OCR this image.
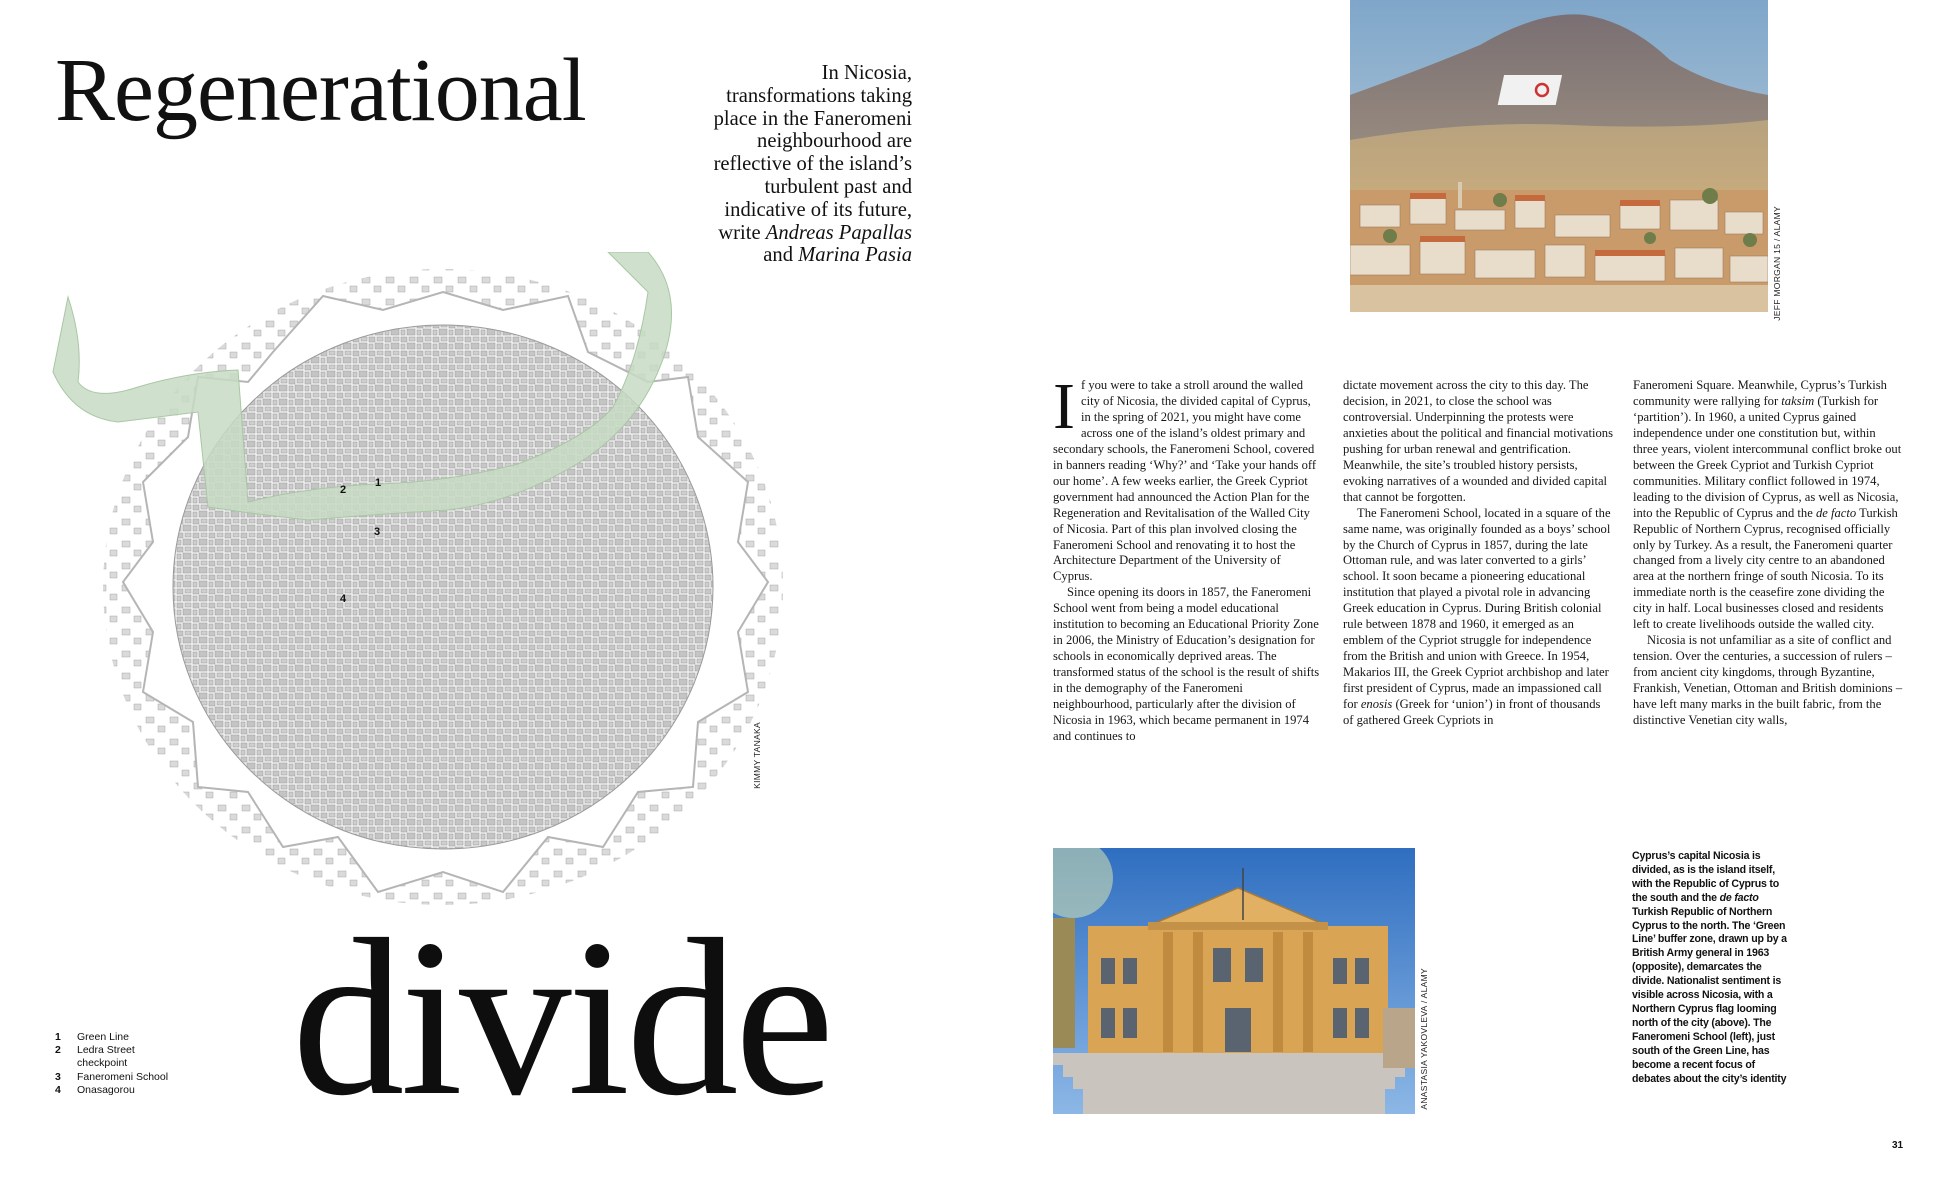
Regenerational
divide
In Nicosia, transformations taking place in the Faneromeni neighbourhood are reflective of the island’s turbulent past and indicative of its future, write Andreas Papallas and Marina Pasia
1
2
3
4
KIMMY TANAKA
1	Green Line
2	Ledra Street checkpoint
3	Faneromeni School
4	Onasagorou
JEFF MORGAN 15 / ALAMY
I f you were to take a stroll around the walled city of Nicosia, the divided capital of Cyprus, in the spring of 2021, you might have come across one of the island’s oldest primary and secondary schools, the Faneromeni School, covered in banners reading ‘Why?’ and ‘Take your hands off our home’. A few weeks earlier, the Greek Cypriot government had announced the Action Plan for the Regeneration and Revitalisation of the Walled City of Nicosia. Part of this plan involved closing the Faneromeni School and renovating it to host the Architecture Department of the University of Cyprus.

Since opening its doors in 1857, the Faneromeni School went from being a model educational institution to becoming an Educational Priority Zone in 2006, the Ministry of Education’s designation for schools in economically deprived areas. The transformed status of the school is the result of shifts in the demography of the Faneromeni neighbourhood, particularly after the division of Nicosia in 1963, which became permanent in 1974 and continues to

dictate movement across the city to this day. The decision, in 2021, to close the school was controversial. Underpinning the protests were anxieties about the political and financial motivations pushing for urban renewal and gentrification. Meanwhile, the site’s troubled history persists, evoking narratives of a wounded and divided capital that cannot be forgotten.

The Faneromeni School, located in a square of the same name, was originally founded as a boys’ school by the Church of Cyprus in 1857, during the late Ottoman rule, and was later converted to a girls’ school. It soon became a pioneering educational institution that played a pivotal role in advancing Greek education in Cyprus. During British colonial rule between 1878 and 1960, it emerged as an emblem of the Cypriot struggle for independence from the British and union with Greece. In 1954, Makarios III, the Greek Cypriot archbishop and later first president of Cyprus, made an impassioned call for enosis (Greek for ‘union’) in front of thousands of gathered Greek Cypriots in

Faneromeni Square. Meanwhile, Cyprus’s Turkish community were rallying for taksim (Turkish for ‘partition’). In 1960, a united Cyprus gained independence under one constitution but, within three years, violent intercommunal conflict broke out between the Greek Cypriot and Turkish Cypriot communities. Military conflict followed in 1974, leading to the division of Cyprus, as well as Nicosia, into the Republic of Cyprus and the de facto Turkish Republic of Northern Cyprus, recognised officially only by Turkey. As a result, the Faneromeni quarter changed from a lively city centre to an abandoned area at the northern fringe of south Nicosia. To its immediate north is the ceasefire zone dividing the city in half. Local businesses closed and residents left to create livelihoods outside the walled city.

Nicosia is not unfamiliar as a site of conflict and tension. Over the centuries, a succession of rulers – from ancient city kingdoms, through Byzantine, Frankish, Venetian, Ottoman and British dominions – have left many marks in the built fabric, from the distinctive Venetian city walls,

ANASTASIA YAKOVLEVA / ALAMY
Cyprus’s capital Nicosia is divided, as is the island itself, with the Republic of Cyprus to the south and the de facto Turkish Republic of Northern Cyprus to the north. The ‘Green Line’ buffer zone, drawn up by a British Army general in 1963 (opposite), demarcates the divide. Nationalist sentiment is visible across Nicosia, with a Northern Cyprus flag looming north of the city (above). The Faneromeni School (left), just south of the Green Line, has become a recent focus of debates about the city’s identity
31
